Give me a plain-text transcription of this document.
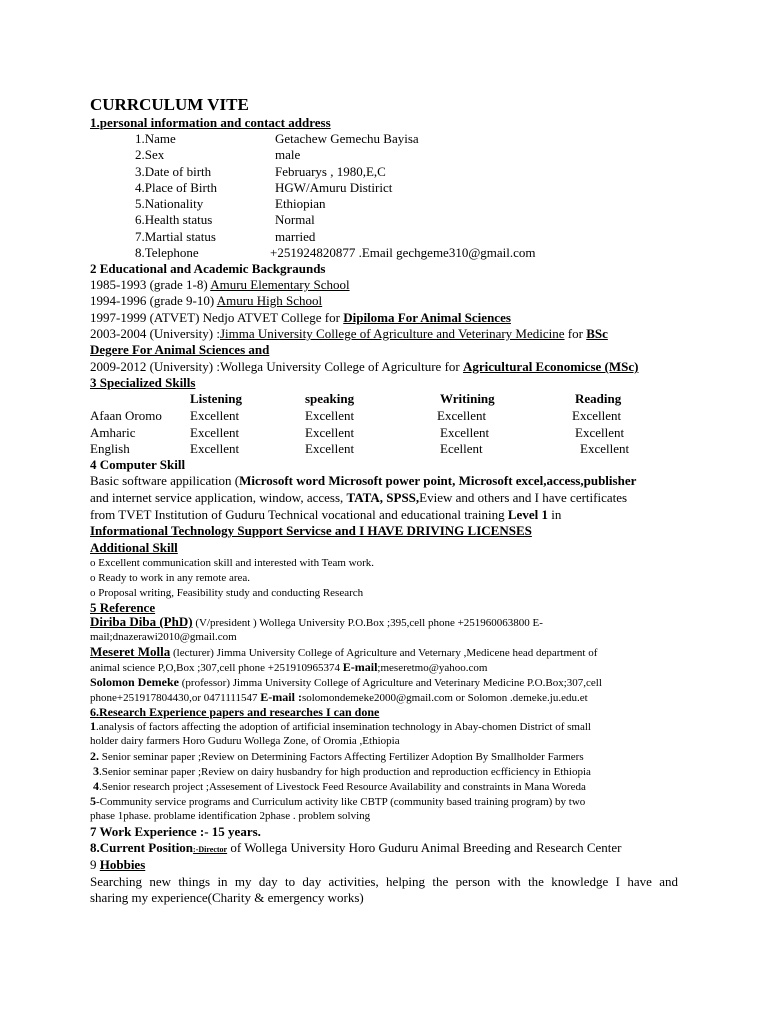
CURRCULUM VITE
1.personal information and contact address
1.Name	Getachew Gemechu Bayisa
2.Sex	male
3.Date of birth	Februarys , 1980,E,C
4.Place of Birth	HGW/Amuru Distirict
5.Nationality	Ethiopian
6.Health status	Normal
7.Martial status	married
8.Telephone	+251924820877 .Email gechgeme310@gmail.com
2 Educational and Academic Backgraunds
1985-1993 (grade 1-8) Amuru Elementary School
1994-1996 (grade 9-10) Amuru High School
1997-1999 (ATVET) Nedjo ATVET College for Dipiloma For Animal Sciences
2003-2004 (University) :Jimma University College of Agriculture and Veterinary Medicine for BSc
Degere For Animal Sciences and
2009-2012 (University) :Wollega University College of Agriculture for Agricultural Economicse (MSc)
3 Specialized Skills
Listening	speaking	Writining	Reading
Afaan Oromo Excellent	Excellent	Excellent	Excellent
Amharic	Excellent	Excellent	Excellent	Excellent
English	Excellent	Excellent	Ecellent	Excellent
4 Computer Skill
Basic software appilication (Microsoft word Microsoft power point, Microsoft excel,access,publisher
and internet service application, window, access, TATA, SPSS,Eview and others and I have certificates
from TVET Institution of Guduru Technical vocational and educational training Level 1 in
Informational Technology Support Servicse and I HAVE DRIVING LICENSES
Additional Skill
o Excellent communication skill and interested with Team work.
o Ready to work in any remote area.
o Proposal writing, Feasibility study and conducting Research
5 Reference
Diriba Diba (PhD) (V/president ) Wollega University P.O.Box ;395,cell phone +251960063800 E-
mail;dnazerawi2010@gmail.com
Meseret Molla (lecturer) Jimma University College of Agriculture and Veternary ,Medicene head department of
animal science P,O,Box ;307,cell phone +251910965374 E-mail;meseretmo@yahoo.com
Solomon Demeke (professor) Jimma University College of Agriculture and Veterinary Medicine P.O.Box;307,cell
phone+251917804430,or 0471111547 E-mail :solomondemeke2000@gmail.com or Solomon .demeke.ju.edu.et
6.Research Experience papers and researches I can done
1.analysis of factors affecting the adoption of artificial insemination technology in Abay-chomen District of small
holder dairy farmers Horo Guduru Wollega Zone, of Oromia ,Ethiopia
2. Senior seminar paper ;Review on Determining Factors Affecting Fertilizer Adoption By Smallholder Farmers
3.Senior seminar paper ;Review on dairy husbandry for high production and reproduction ecfficiency in Ethiopia
4.Senior research project ;Assesement of Livestock Feed Resource Availability and constraints in Mana Woreda
5-Community service programs and Curriculum activity like CBTP (community based training program) by two
phase 1phase. problame identification 2phase . problem solving
7 Work Experience :- 15 years.
8.Current Position:-Director of Wollega University Horo Guduru Animal Breeding and Research Center
9 Hobbies
Searching new things in my day to day activities, helping the person with the knowledge I have and
sharing my experience(Charity & emergency works)
